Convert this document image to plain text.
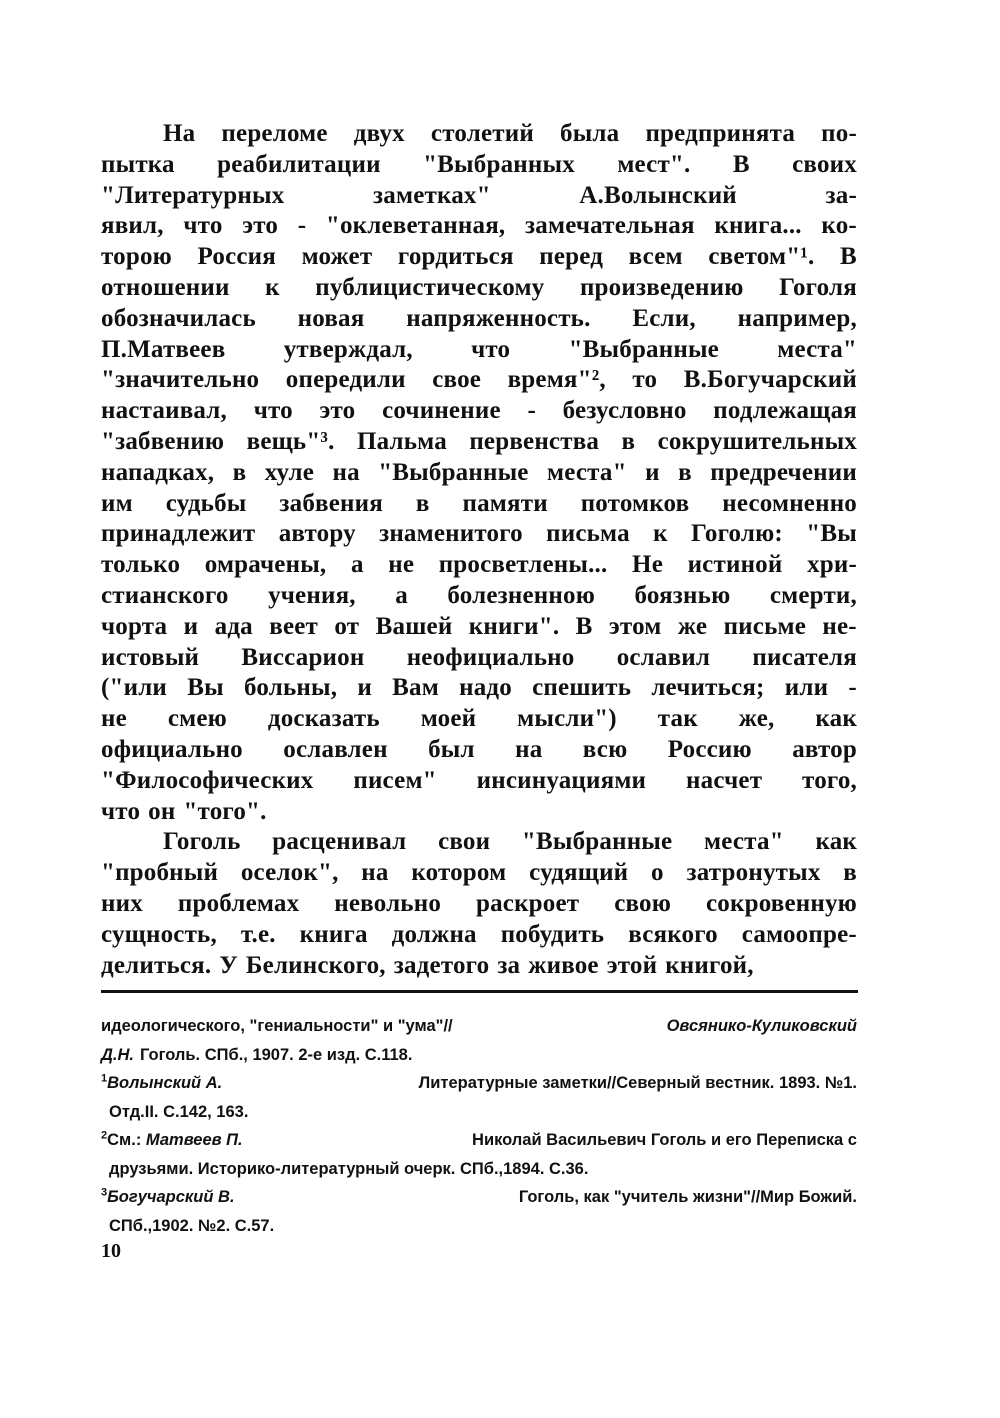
На переломе двух столетий была предпринята по-
пытка реабилитации "Выбранных мест". В своих
"Литературных	заметках"	А.Волынский	за-
явил, что это - "оклеветанная, замечательная книга... ко-
торою Россия может гордиться перед всем светом"¹. В
отношении к публицистическому произведению Гоголя
обозначилась новая напряженность. Если, например,
П.Матвеев утверждал, что "Выбранные места"
"значительно опередили свое время"², то В.Богучарский
настаивал, что это сочинение - безусловно подлежащая
"забвению вещь"³. Пальма первенства в сокрушительных
нападках, в хуле на "Выбранные места" и в предречении
им судьбы забвения в памяти потомков несомненно
принадлежит автору знаменитого письма к Гоголю: "Вы
только омрачены, а не просветлены... Не истиной хри-
стианского учения, а болезненною боязнью смерти,
чорта и ада веет от Вашей книги". В этом же письме не-
истовый Виссарион неофициально ославил писателя
("или Вы больны, и Вам надо спешить лечиться; или -
не смею досказать моей мысли") так же, как
официально ославлен был на всю Россию автор
"Философических писем" инсинуациями насчет того,
что он "того".
Гоголь расценивал свои "Выбранные места" как
"пробный оселок", на котором судящий о затронутых в
них проблемах невольно раскроет свою сокровенную
сущность, т.е. книга должна побудить всякого самоопре-
делиться. У Белинского, задетого за живое этой книгой,
идеологического, "гениальности" и "ума"//	Овсянико-Куликовский
Д.Н. Гоголь. СПб., 1907. 2-е изд. С.118.
$^1$Волынский А.	Литературные заметки//Северный вестник. 1893. №1.
Отд.II. С.142, 163.
$^2$См.: Матвеев П.	Николай Васильевич Гоголь и его Переписка с
друзьями. Историко-литературный очерк. СПб.,1894. С.36.
$^3$Богучарский В.	Гоголь, как "учитель жизни"//Мир Божий.
СПб.,1902. №2. С.57.
10
